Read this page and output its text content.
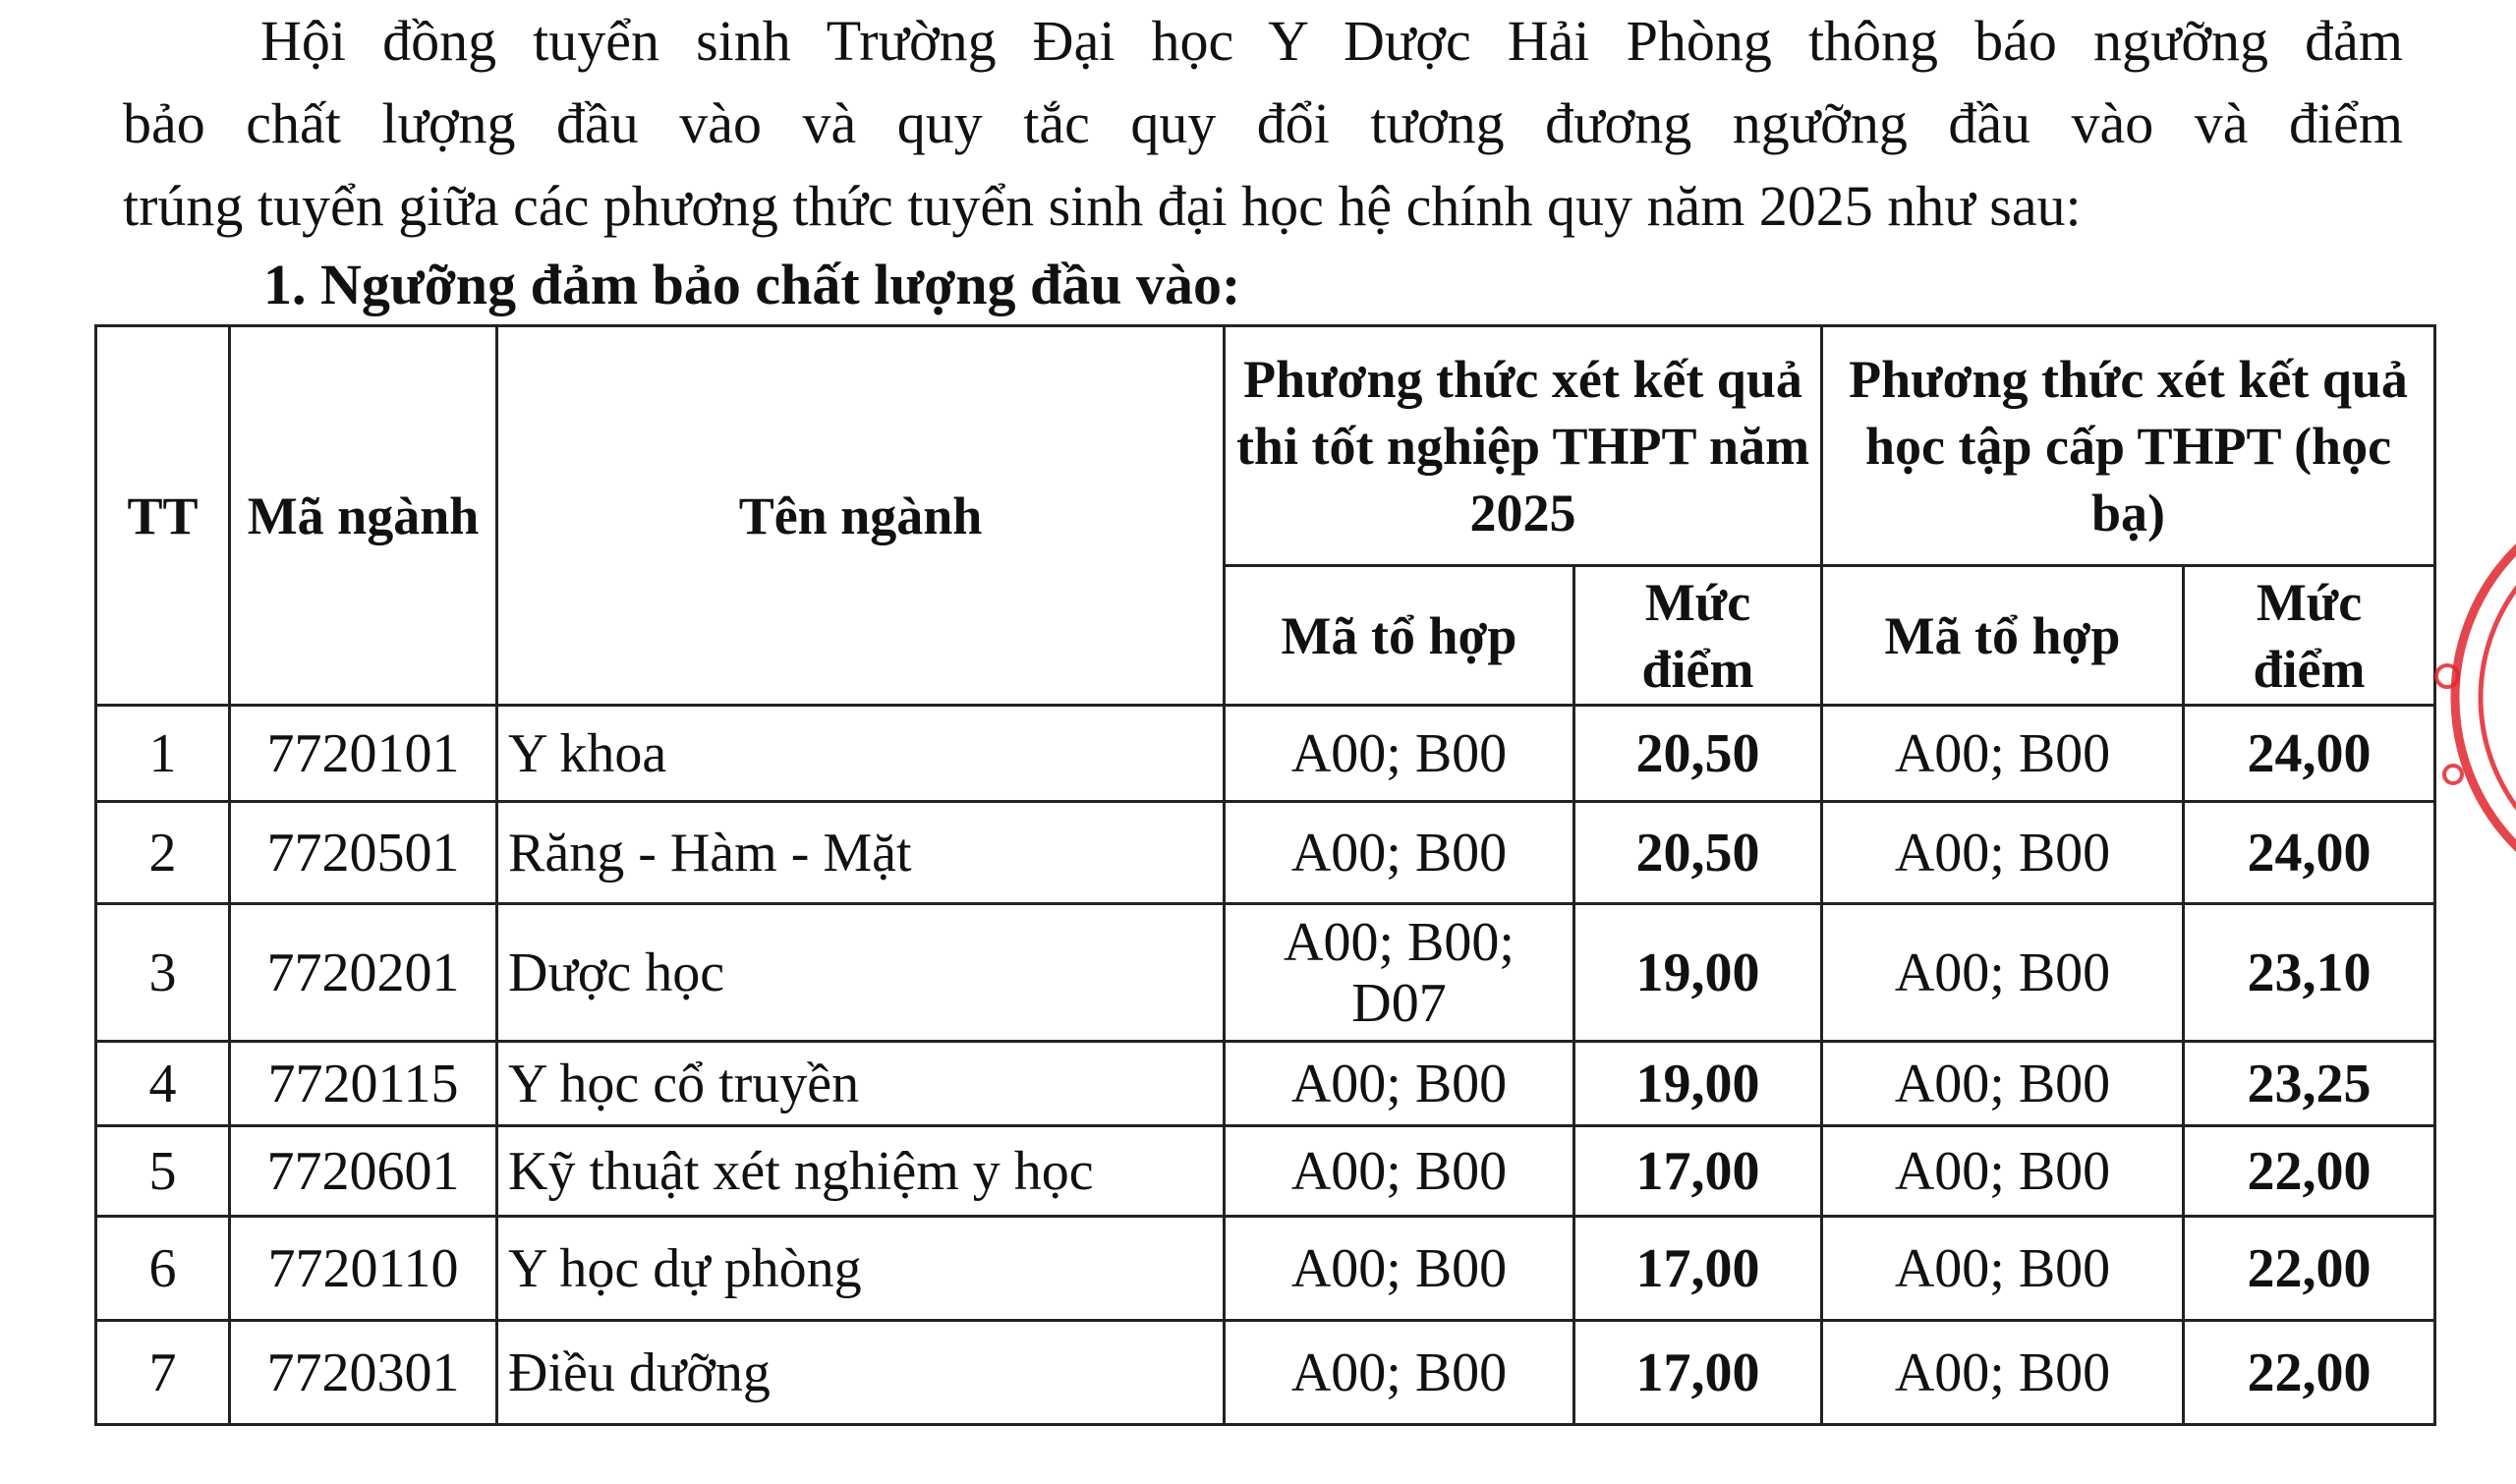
Hội đồng tuyển sinh Trường Đại học Y Dược Hải Phòng thông báo ngưỡng đảm
bảo chất lượng đầu vào và quy tắc quy đổi tương đương ngưỡng đầu vào và điểm
trúng tuyển giữa các phương thức tuyển sinh đại học hệ chính quy năm 2025 như sau:
1. Ngưỡng đảm bảo chất lượng đầu vào:
TT	Mã ngành	Tên ngành	Phương thức xét kết quả thi tốt nghiệp THPT năm 2025		Phương thức xét kết quả học tập cấp THPT (học bạ)	
			Mã tổ hợp	Mức điểm	Mã tổ hợp	Mức điểm
1	7720101	Y khoa	A00; B00	20,50	A00; B00	24,00
2	7720501	Răng - Hàm - Mặt	A00; B00	20,50	A00; B00	24,00
3	7720201	Dược học	A00; B00; D07	19,00	A00; B00	23,10
4	7720115	Y học cổ truyền	A00; B00	19,00	A00; B00	23,25
5	7720601	Kỹ thuật xét nghiệm y học	A00; B00	17,00	A00; B00	22,00
6	7720110	Y học dự phòng	A00; B00	17,00	A00; B00	22,00
7	7720301	Điều dưỡng	A00; B00	17,00	A00; B00	22,00
